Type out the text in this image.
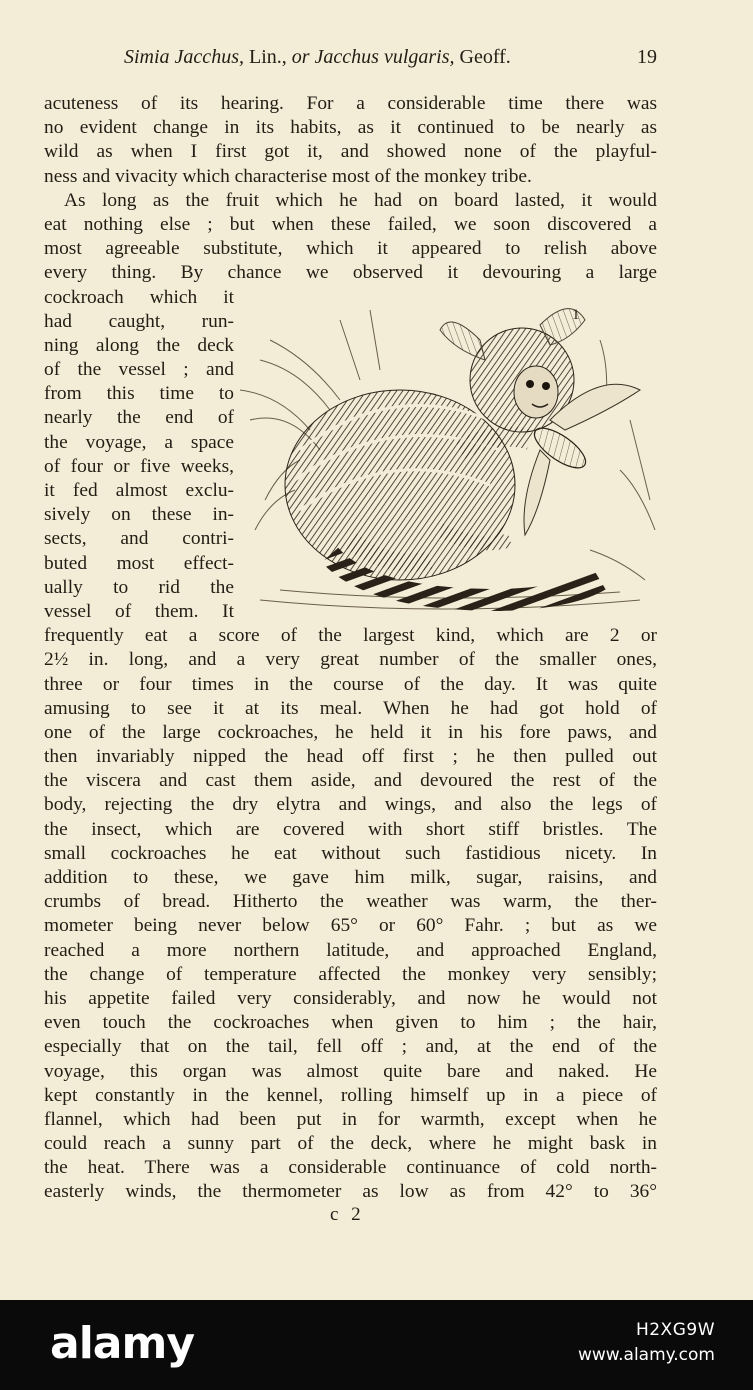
Simia Jacchus, Lin., or Jacchus vulgaris, Geoff.	19
acuteness of its hearing. For a considerable time there was
no evident change in its habits, as it continued to be nearly as
wild as when I first got it, and showed none of the playful-
ness and vivacity which characterise most of the monkey tribe.
As long as the fruit which he had on board lasted, it would
eat nothing else ; but when these failed, we soon discovered a
most agreeable substitute, which it appeared to relish above
every thing. By chance we observed it devouring a large
cockroach which it
had caught, run-
ning along the deck
of the vessel ; and
from this time to
nearly the end of
the voyage, a space
of four or five weeks,
it fed almost exclu-
sively on these in-
sects, and contri-
buted most effect-
ually to rid the
vessel of them. It
frequently eat a score of the largest kind, which are 2 or
2½ in. long, and a very great number of the smaller ones,
three or four times in the course of the day. It was quite
amusing to see it at its meal. When he had got hold of
one of the large cockroaches, he held it in his fore paws, and
then invariably nipped the head off first ; he then pulled out
the viscera and cast them aside, and devoured the rest of the
body, rejecting the dry elytra and wings, and also the legs of
the insect, which are covered with short stiff bristles. The
small cockroaches he eat without such fastidious nicety. In
addition to these, we gave him milk, sugar, raisins, and
crumbs of bread. Hitherto the weather was warm, the ther-
mometer being never below 65° or 60° Fahr. ; but as we
reached a more northern latitude, and approached England,
the change of temperature affected the monkey very sensibly;
his appetite failed very considerably, and now he would not
even touch the cockroaches when given to him ; the hair,
especially that on the tail, fell off ; and, at the end of the
voyage, this organ was almost quite bare and naked. He
kept constantly in the kennel, rolling himself up in a piece of
flannel, which had been put in for warmth, except when he
could reach a sunny part of the deck, where he might bask in
the heat. There was a considerable continuance of cold north-
easterly winds, the thermometer as low as from 42° to 36°
1
c 2
alamy	H2XG9W
www.alamy.com
